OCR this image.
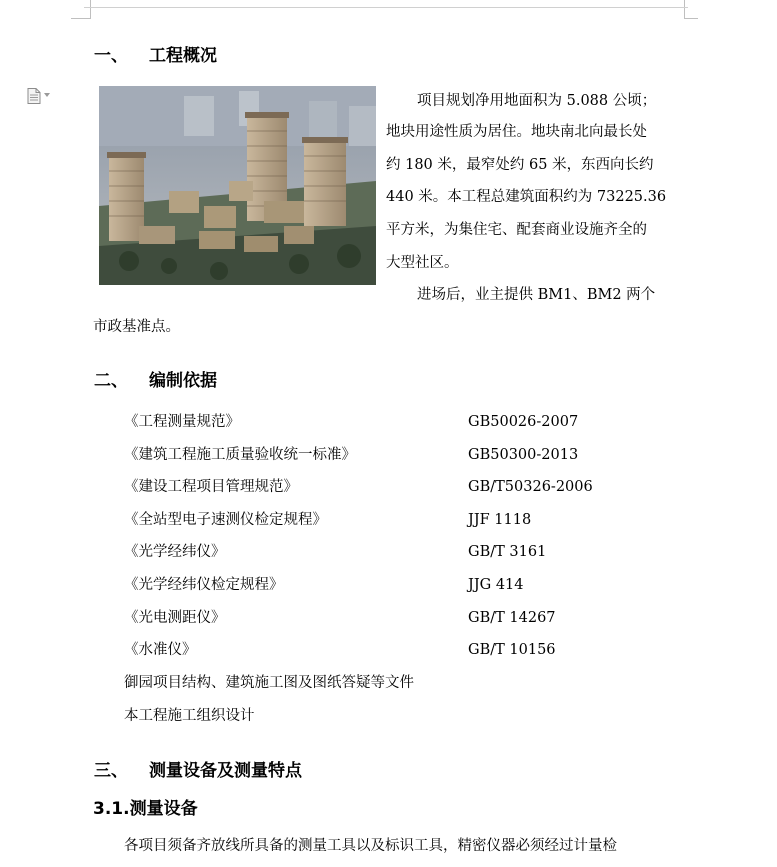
一、 工程概况
项目规划净用地面积为 5.088 公顷；
地块用途性质为居住。地块南北向最长处
约 180 米，最窄处约 65 米，东西向长约
440 米。本工程总建筑面积约为 73225.36
平方米，为集住宅、配套商业设施齐全的
大型社区。
进场后，业主提供 BM1、BM2 两个
市政基准点。
二、 编制依据
《工程测量规范》	GB50026-2007
《建筑工程施工质量验收统一标准》	GB50300-2013
《建设工程项目管理规范》	GB/T50326-2006
《全站型电子速测仪检定规程》	JJF 1118
《光学经纬仪》	GB/T 3161
《光学经纬仪检定规程》	JJG 414
《光电测距仪》	GB/T 14267
《水准仪》	GB/T 10156
御园项目结构、建筑施工图及图纸答疑等文件
本工程施工组织设计
三、 测量设备及测量特点
3.1.测量设备
各项目须备齐放线所具备的测量工具以及标识工具，精密仪器必须经过计量检
